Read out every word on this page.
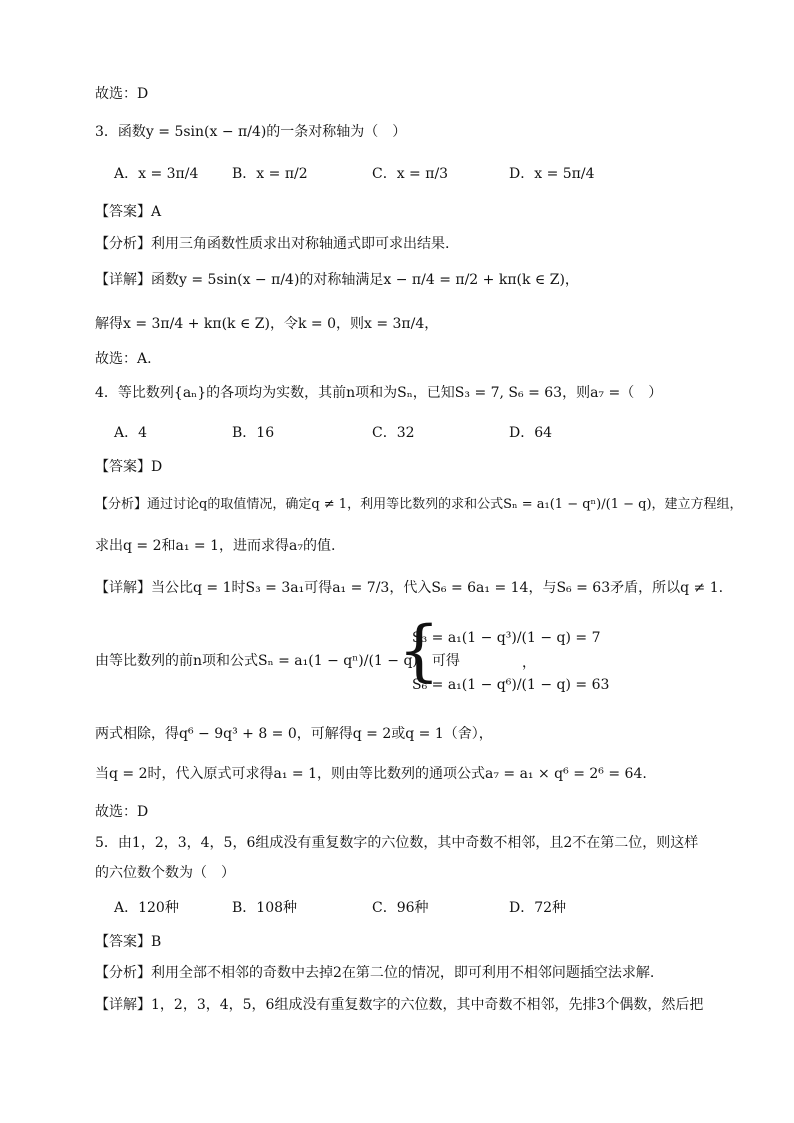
故选：D
3．函数y = 5sin(x − π/4)的一条对称轴为（　）
A．x = 3π/4 B．x = π/2	C．x = π/3	D．x = 5π/4
【答案】A
【分析】利用三角函数性质求出对称轴通式即可求出结果.
【详解】函数y = 5sin(x − π/4)的对称轴满足x − π/4 = π/2 + kπ(k ∈ Z)，
解得x = 3π/4 + kπ(k ∈ Z)，令k = 0，则x = 3π/4，
故选：A.
4．等比数列{aₙ}的各项均为实数，其前n项和为Sₙ，已知S₃ = 7, S₆ = 63，则a₇ =（　）
A．4	B．16	C．32	D．64
【答案】D
【分析】通过讨论q的取值情况，确定q ≠ 1，利用等比数列的求和公式Sₙ = a₁(1 − qⁿ)/(1 − q)，建立方程组，
求出q = 2和a₁ = 1，进而求得a₇的值.
【详解】当公比q = 1时S₃ = 3a₁可得a₁ = 7/3，代入S₆ = 6a₁ = 14，与S₆ = 63矛盾，所以q ≠ 1.
由等比数列的前n项和公式Sₙ = a₁(1 − qⁿ)/(1 − q)，可得
{
S₃ = a₁(1 − q³)/(1 − q) = 7
S₆ = a₁(1 − q⁶)/(1 − q) = 63
，
两式相除，得q⁶ − 9q³ + 8 = 0，可解得q = 2或q = 1（舍），
当q = 2时，代入原式可求得a₁ = 1，则由等比数列的通项公式a₇ = a₁ × q⁶ = 2⁶ = 64.
故选：D
5．由1，2，3，4，5，6组成没有重复数字的六位数，其中奇数不相邻，且2不在第二位，则这样
的六位数个数为（　）
A．120种	B．108种	C．96种	D．72种
【答案】B
【分析】利用全部不相邻的奇数中去掉2在第二位的情况，即可利用不相邻问题插空法求解.
【详解】1，2，3，4，5，6组成没有重复数字的六位数，其中奇数不相邻，先排3个偶数，然后把
